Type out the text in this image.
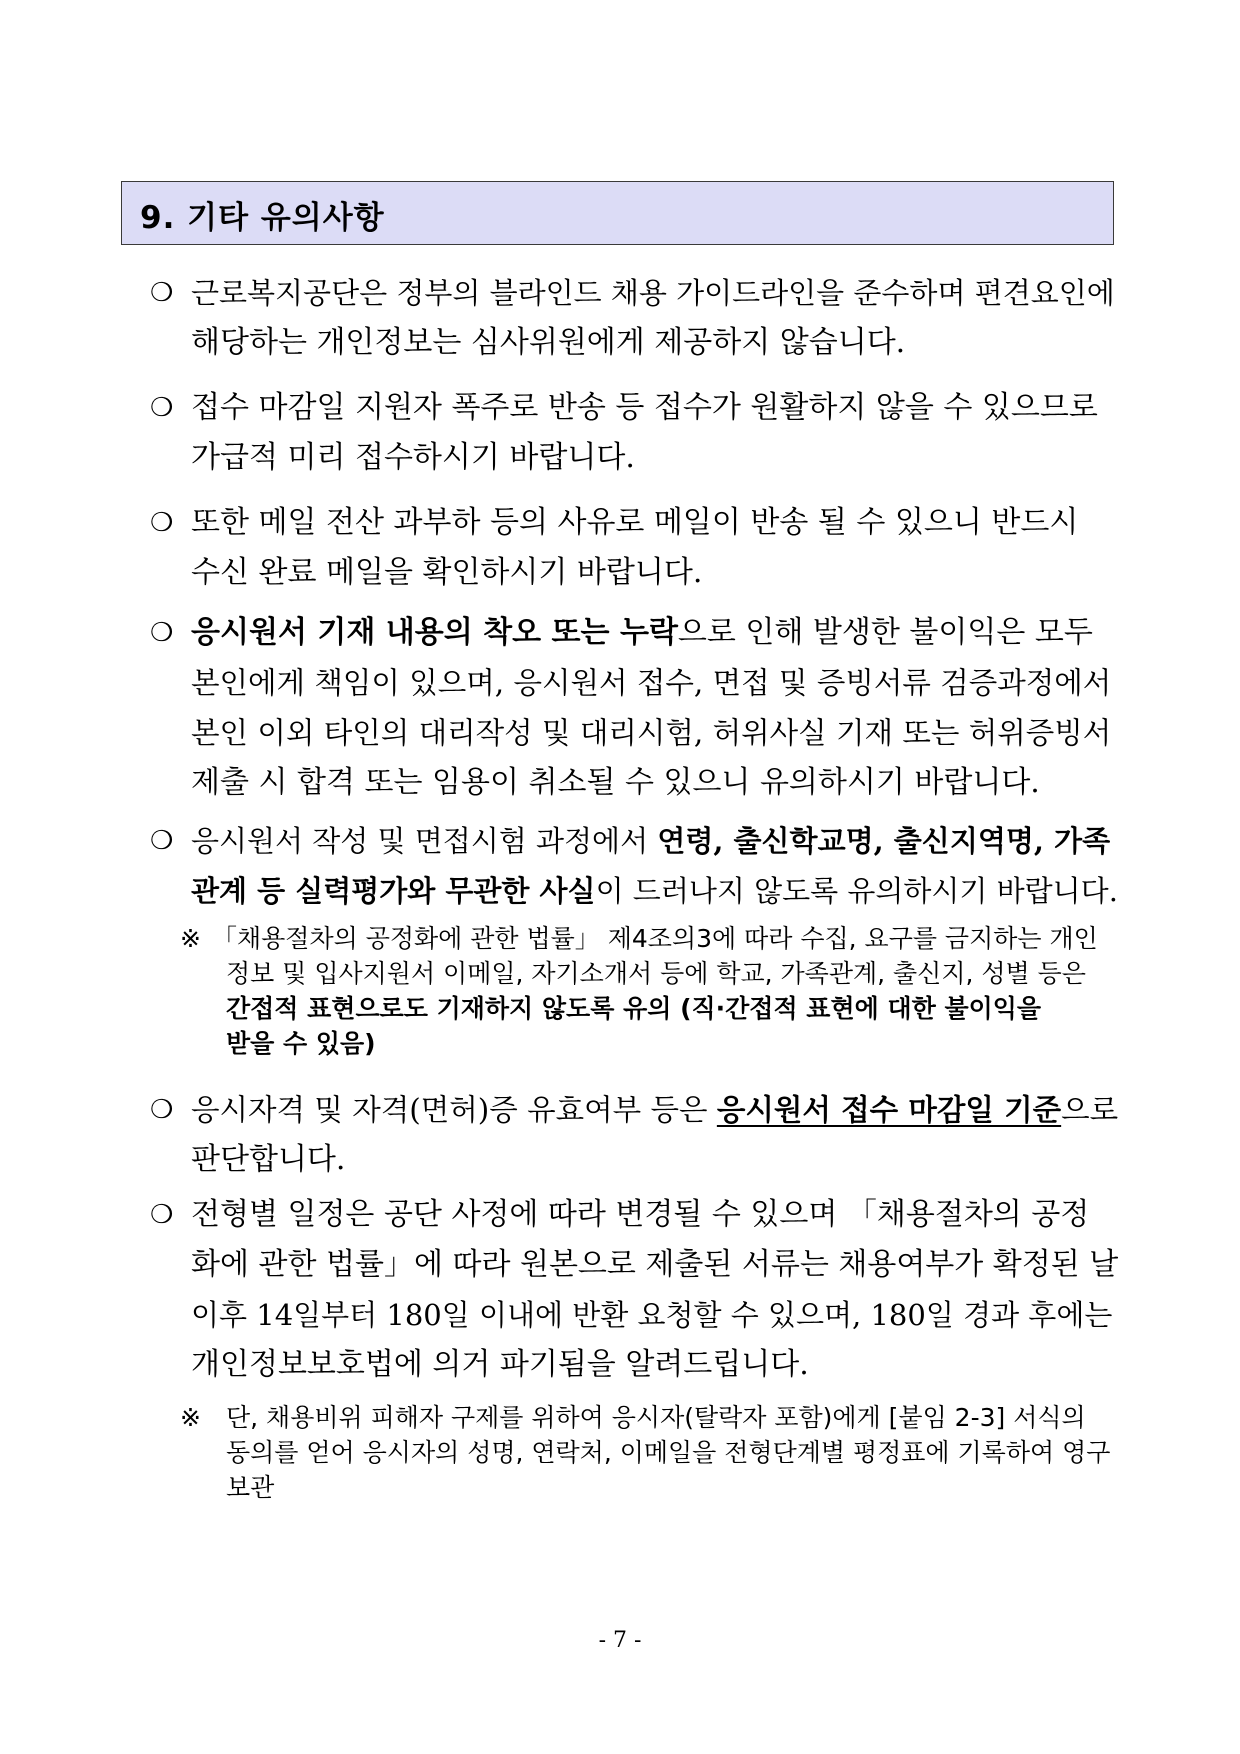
9. 기타 유의사항
❍ 근로복지공단은 정부의 블라인드 채용 가이드라인을 준수하며 편견요인에
해당하는 개인정보는 심사위원에게 제공하지 않습니다.
❍ 접수 마감일 지원자 폭주로 반송 등 접수가 원활하지 않을 수 있으므로
가급적 미리 접수하시기 바랍니다.
❍ 또한 메일 전산 과부하 등의 사유로 메일이 반송 될 수 있으니 반드시
수신 완료 메일을 확인하시기 바랍니다.
❍ 응시원서 기재 내용의 착오 또는 누락으로 인해 발생한 불이익은 모두
본인에게 책임이 있으며, 응시원서 접수, 면접 및 증빙서류 검증과정에서
본인 이외 타인의 대리작성 및 대리시험, 허위사실 기재 또는 허위증빙서
제출 시 합격 또는 임용이 취소될 수 있으니 유의하시기 바랍니다.
❍ 응시원서 작성 및 면접시험 과정에서 연령, 출신학교명, 출신지역명, 가족
관계 등 실력평가와 무관한 사실 이 드러나지 않도록 유의하시기 바랍니다.
※ 「채용절차의 공정화에 관한 법률」 제4조의3에 따라 수집, 요구를 금지하는 개인
정보 및 입사지원서 이메일, 자기소개서 등에 학교, 가족관계, 출신지, 성별 등은
간접적 표현으로도 기재하지 않도록 유의 (직·간접적 표현에 대한 불이익을
받을 수 있음)
❍ 응시자격 및 자격(면허)증 유효여부 등은 응시원서 접수 마감일 기준으로
판단합니다.
❍ 전형별 일정은 공단 사정에 따라 변경될 수 있으며 「채용절차의 공정
화에 관한 법률」에 따라 원본으로 제출된 서류는 채용여부가 확정된 날
이후 14일부터 180일 이내에 반환 요청할 수 있으며, 180일 경과 후에는
개인정보보호법에 의거 파기됨을 알려드립니다.
※ 단, 채용비위 피해자 구제를 위하여 응시자(탈락자 포함)에게 [붙임 2-3] 서식의
동의를 얻어 응시자의 성명, 연락처, 이메일을 전형단계별 평정표에 기록하여 영구
보관
- 7 -
